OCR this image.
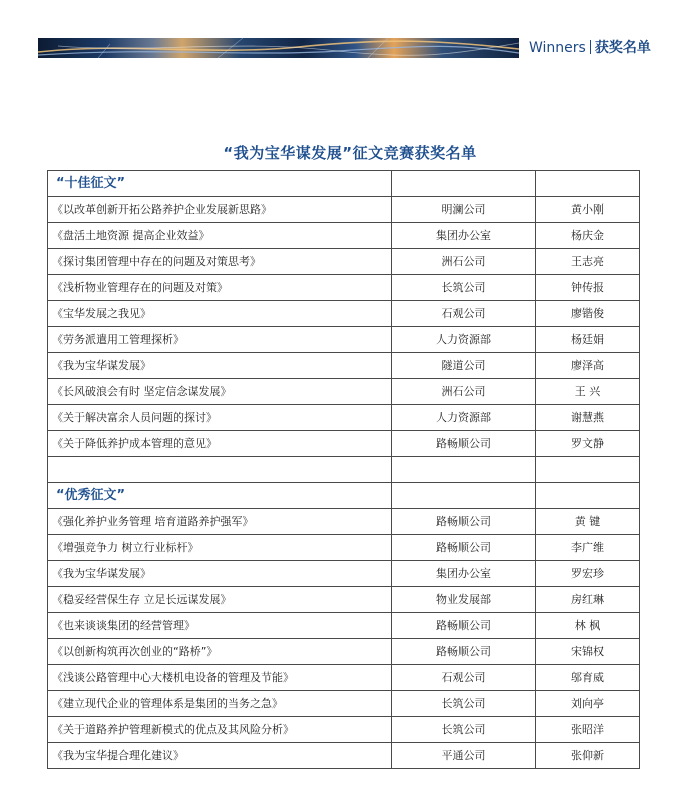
Winners 获奖名单
“我为宝华谋发展”征文竞赛获奖名单
“十佳征文”		
《以改革创新开拓公路养护企业发展新思路》	明澜公司	黄小刚
《盘活土地资源 提高企业效益》	集团办公室	杨庆金
《探讨集团管理中存在的问题及对策思考》	洲石公司	王志亮
《浅析物业管理存在的问题及对策》	长筑公司	钟传报
《宝华发展之我见》	石观公司	廖锴俊
《劳务派遣用工管理探析》	人力资源部	杨廷娟
《我为宝华谋发展》	隧道公司	廖泽高
《长风破浪会有时 坚定信念谋发展》	洲石公司	王 兴
《关于解决富余人员问题的探讨》	人力资源部	谢慧燕
《关于降低养护成本管理的意见》	路畅顺公司	罗文静

“优秀征文”		
《强化养护业务管理 培育道路养护强军》	路畅顺公司	黄 键
《增强竞争力 树立行业标杆》	路畅顺公司	李广维
《我为宝华谋发展》	集团办公室	罗宏珍
《稳妥经营保生存 立足长远谋发展》	物业发展部	房红琳
《也来谈谈集团的经营管理》	路畅顺公司	林 枫
《以创新构筑再次创业的“路桥”》	路畅顺公司	宋锦权
《浅谈公路管理中心大楼机电设备的管理及节能》	石观公司	邬育威
《建立现代企业的管理体系是集团的当务之急》	长筑公司	刘向亭
《关于道路养护管理新模式的优点及其风险分析》	长筑公司	张昭洋
《我为宝华提合理化建议》	平通公司	张仰新
